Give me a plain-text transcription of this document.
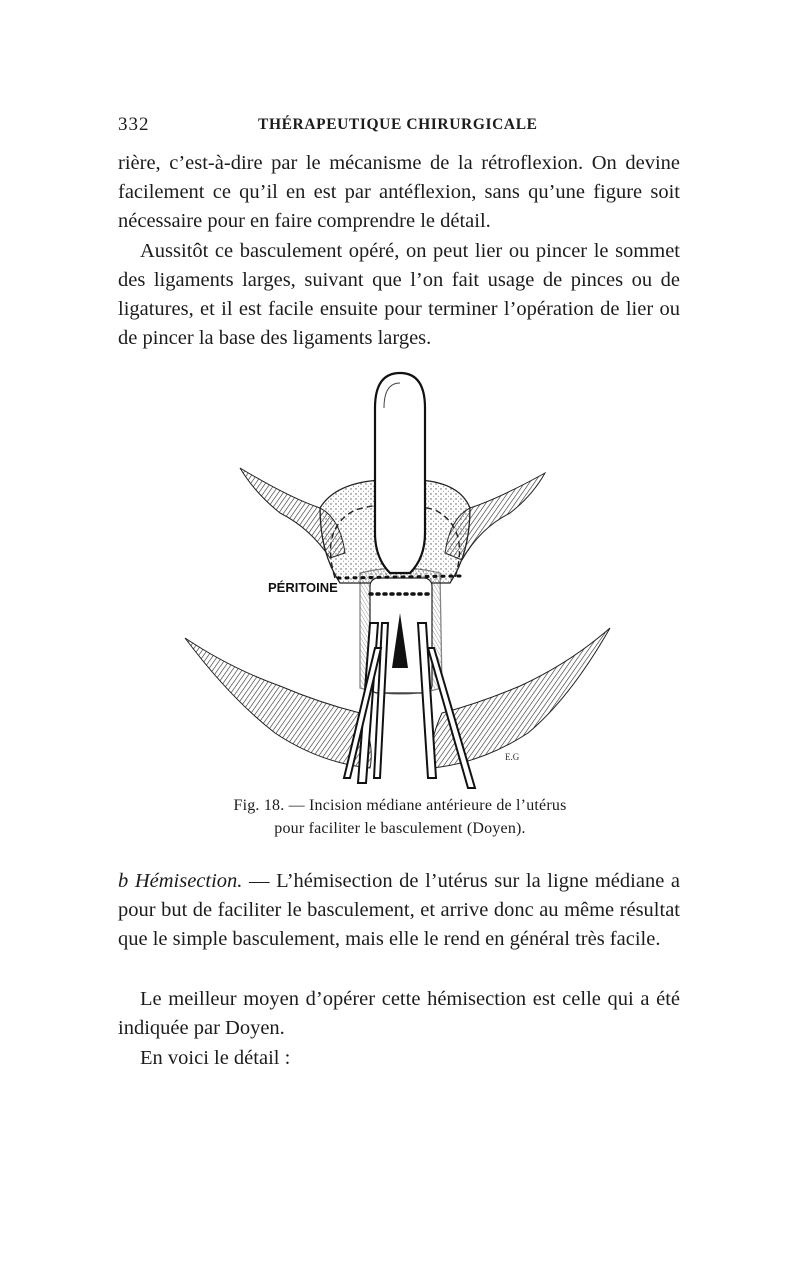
332	THÉRAPEUTIQUE CHIRURGICALE

rière, c’est-à-dire par le mécanisme de la rétroflexion. On devine facilement ce qu’il en est par antéflexion, sans qu’une figure soit nécessaire pour en faire comprendre le détail.

Aussitôt ce basculement opéré, on peut lier ou pincer le sommet des ligaments larges, suivant que l’on fait usage de pinces ou de ligatures, et il est facile ensuite pour terminer l’opération de lier ou de pincer la base des ligaments larges.

PÉRITOINE
E.G
Fig. 18. — Incision médiane antérieure de l’utérus
pour faciliter le basculement (Doyen).

b Hémisection. — L’hémisection de l’utérus sur la ligne médiane a pour but de faciliter le basculement, et arrive donc au même résultat que le simple basculement, mais elle le rend en général très facile.

Le meilleur moyen d’opérer cette hémisection est celle qui a été indiquée par Doyen.

En voici le détail :
